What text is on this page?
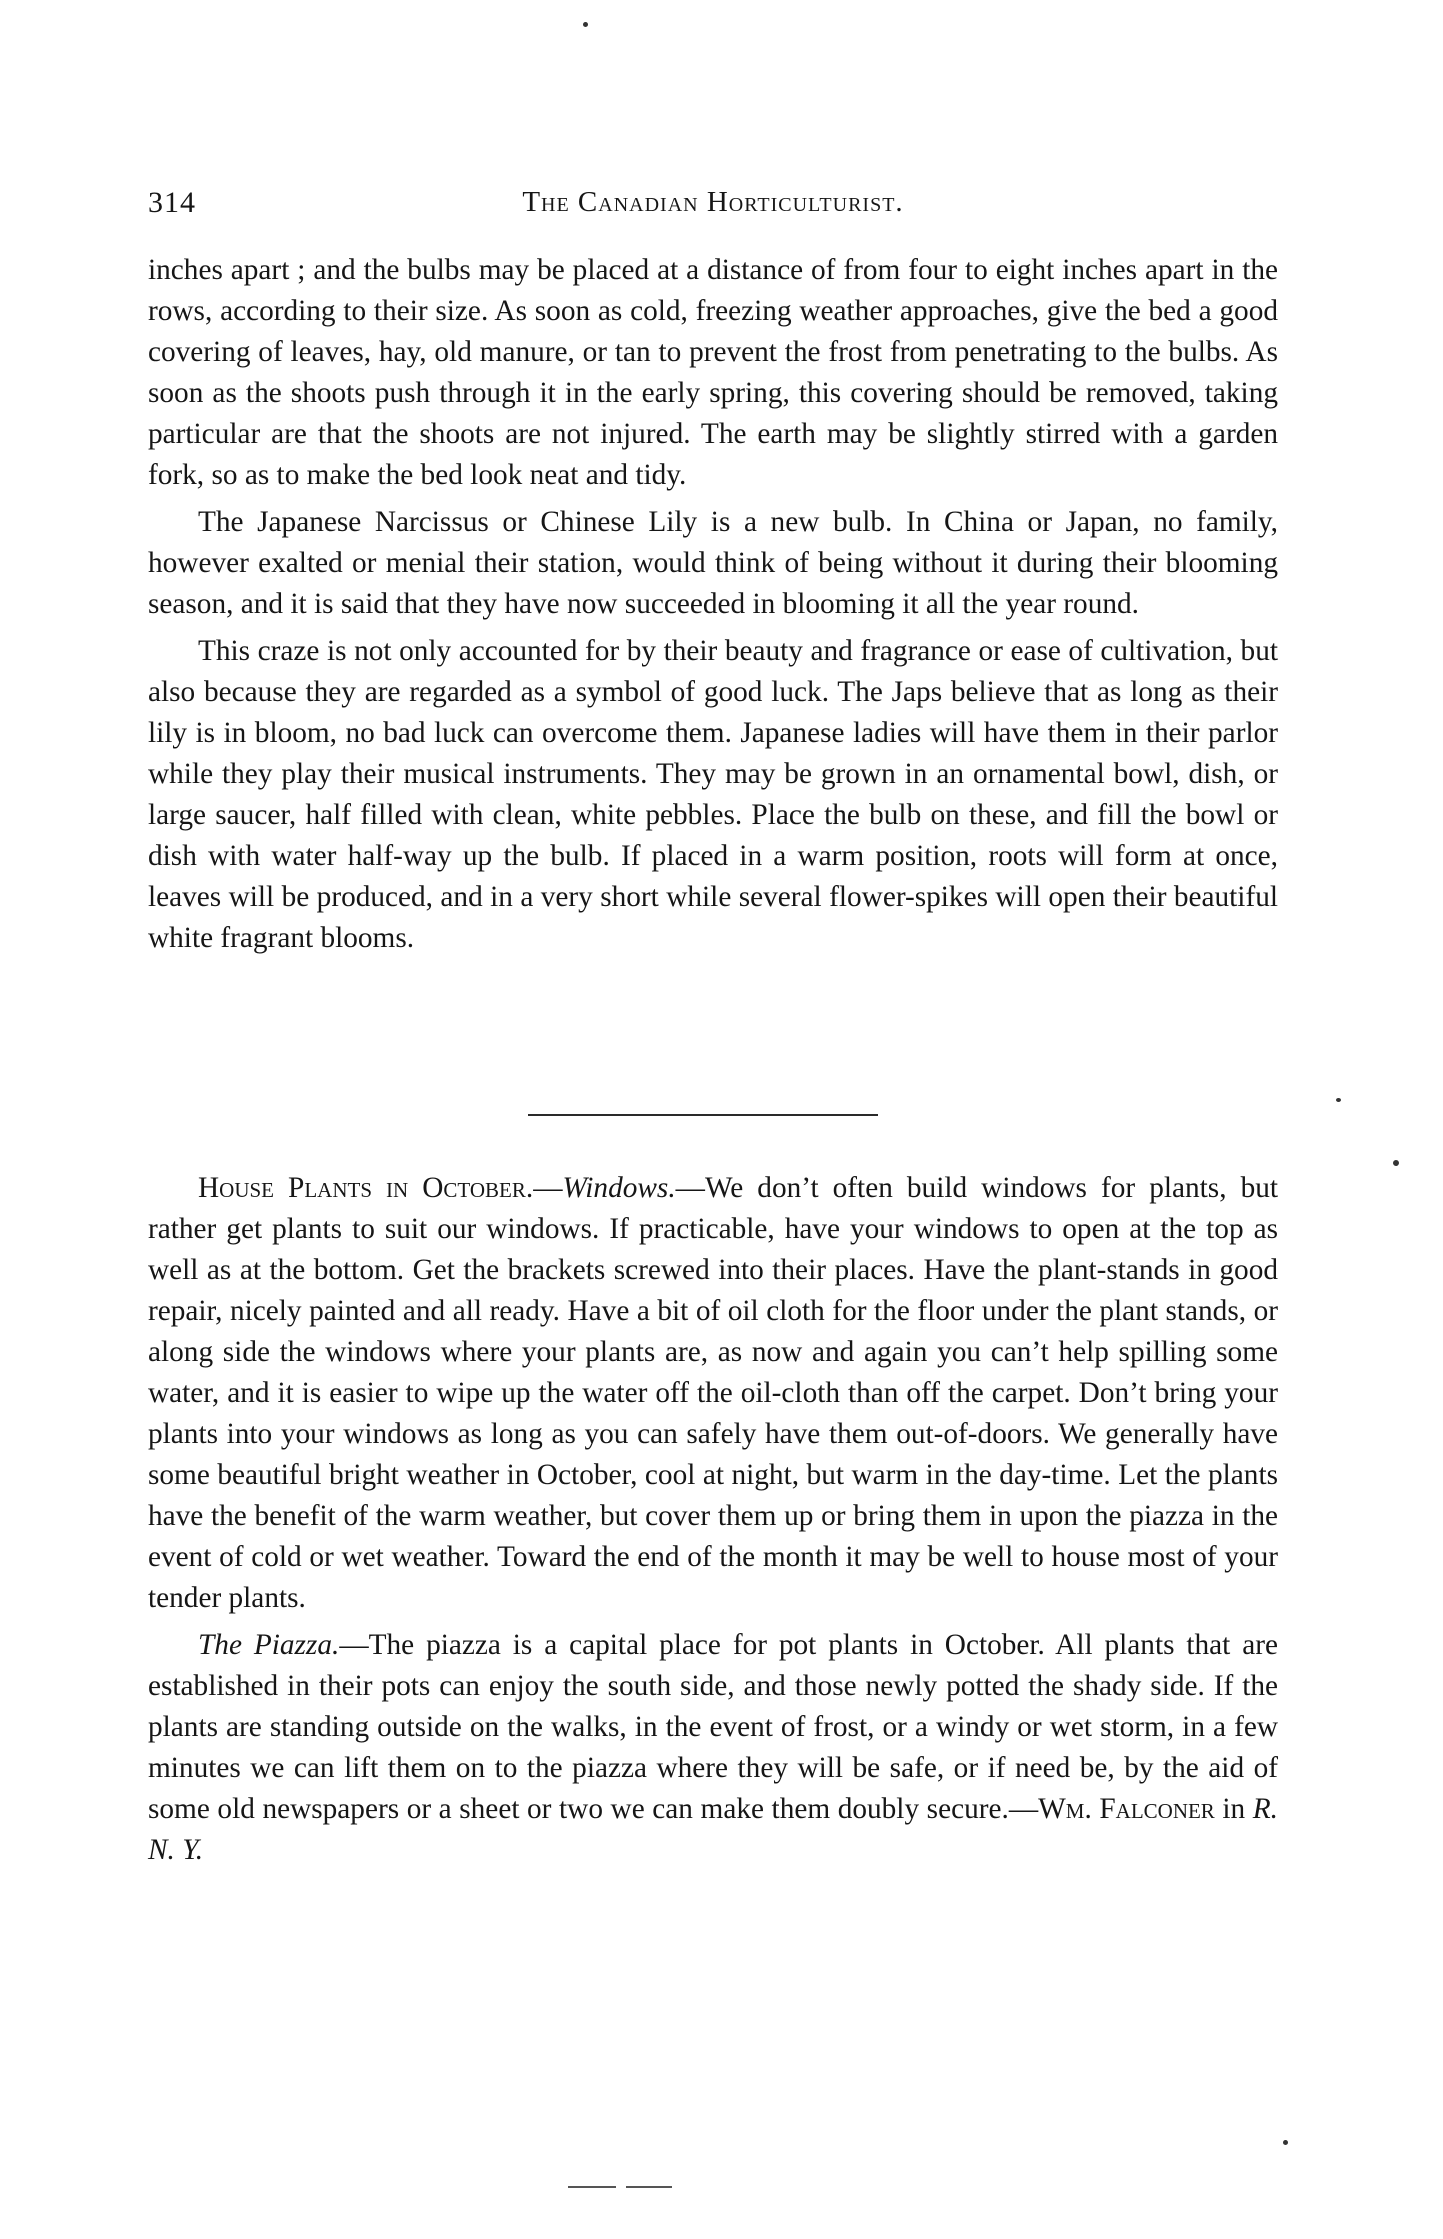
314	The Canadian Horticulturist.

inches apart ; and the bulbs may be placed at a distance of from four to eight inches apart in the rows, according to their size. As soon as cold, freezing weather approaches, give the bed a good covering of leaves, hay, old manure, or tan to prevent the frost from penetrating to the bulbs. As soon as the shoots push through it in the early spring, this covering should be removed, taking particular are that the shoots are not injured. The earth may be slightly stirred with a garden fork, so as to make the bed look neat and tidy.

The Japanese Narcissus or Chinese Lily is a new bulb. In China or Japan, no family, however exalted or menial their station, would think of being without it during their blooming season, and it is said that they have now succeeded in blooming it all the year round.

This craze is not only accounted for by their beauty and fragrance or ease of cultivation, but also because they are regarded as a symbol of good luck. The Japs believe that as long as their lily is in bloom, no bad luck can overcome them. Japanese ladies will have them in their parlor while they play their musical instruments. They may be grown in an ornamental bowl, dish, or large saucer, half filled with clean, white pebbles. Place the bulb on these, and fill the bowl or dish with water half-way up the bulb. If placed in a warm position, roots will form at once, leaves will be produced, and in a very short while several flower-spikes will open their beautiful white fragrant blooms.

House Plants in October.—Windows.—We don’t often build windows for plants, but rather get plants to suit our windows. If practicable, have your windows to open at the top as well as at the bottom. Get the brackets screwed into their places. Have the plant-stands in good repair, nicely painted and all ready. Have a bit of oil cloth for the floor under the plant stands, or along side the windows where your plants are, as now and again you can’t help spilling some water, and it is easier to wipe up the water off the oil-cloth than off the carpet. Don’t bring your plants into your windows as long as you can safely have them out-of-doors. We generally have some beautiful bright weather in October, cool at night, but warm in the day-time. Let the plants have the benefit of the warm weather, but cover them up or bring them in upon the piazza in the event of cold or wet weather. Toward the end of the month it may be well to house most of your tender plants.

The Piazza.—The piazza is a capital place for pot plants in October. All plants that are established in their pots can enjoy the south side, and those newly potted the shady side. If the plants are standing outside on the walks, in the event of frost, or a windy or wet storm, in a few minutes we can lift them on to the piazza where they will be safe, or if need be, by the aid of some old newspapers or a sheet or two we can make them doubly secure.—Wm. Falconer in R. N. Y.
